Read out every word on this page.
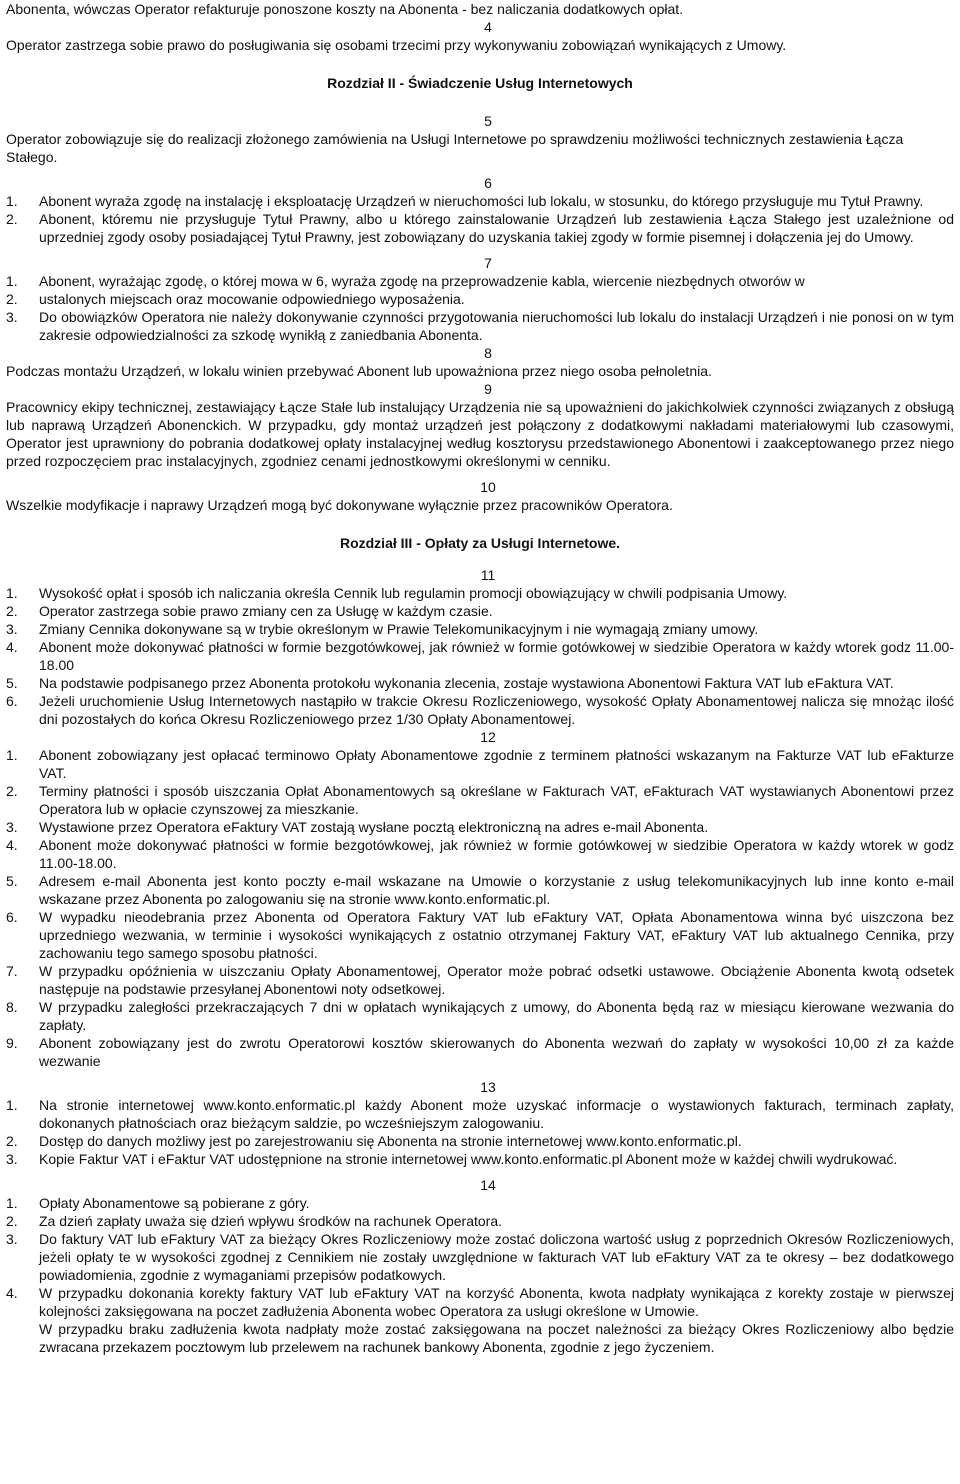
Abonenta, wówczas Operator refakturuje ponoszone koszty na Abonenta - bez naliczania dodatkowych opłat.

4

Operator zastrzega sobie prawo do posługiwania się osobami trzecimi przy wykonywaniu zobowiązań wynikających z Umowy.

Rozdział II - Świadczenie Usług Internetowych

5

Operator zobowiązuje się do realizacji złożonego zamówienia na Usługi Internetowe po sprawdzeniu możliwości technicznych zestawienia Łącza Stałego.

6

1.	Abonent wyraża zgodę na instalację i eksploatację Urządzeń w nieruchomości lub lokalu, w stosunku, do którego przysługuje mu Tytuł Prawny.
2.	Abonent, któremu nie przysługuje Tytuł Prawny, albo u którego zainstalowanie Urządzeń lub zestawienia Łącza Stałego jest uzależnione od uprzedniej zgody osoby posiadającej Tytuł Prawny, jest zobowiązany do uzyskania takiej zgody w formie pisemnej i dołączenia jej do Umowy.

7

1.	Abonent, wyrażając zgodę, o której mowa w 6, wyraża zgodę na przeprowadzenie kabla, wiercenie niezbędnych otworów w
2.	ustalonych miejscach oraz mocowanie odpowiedniego wyposażenia.
3.	Do obowiązków Operatora nie należy dokonywanie czynności przygotowania nieruchomości lub lokalu do instalacji Urządzeń i nie ponosi on w tym zakresie odpowiedzialności za szkodę wynikłą z zaniedbania Abonenta.

8

Podczas montażu Urządzeń, w lokalu winien przebywać Abonent lub upoważniona przez niego osoba pełnoletnia.

9

Pracownicy ekipy technicznej, zestawiający Łącze Stałe lub instalujący Urządzenia nie są upoważnieni do jakichkolwiek czynności związanych z obsługą lub naprawą Urządzeń Abonenckich. W przypadku, gdy montaż urządzeń jest połączony z dodatkowymi nakładami materiałowymi lub czasowymi, Operator jest uprawniony do pobrania dodatkowej opłaty instalacyjnej według kosztorysu przedstawionego Abonentowi i zaakceptowanego przez niego przed rozpoczęciem prac instalacyjnych, zgodniez cenami jednostkowymi określonymi w cenniku.

10

Wszelkie modyfikacje i naprawy Urządzeń mogą być dokonywane wyłącznie przez pracowników Operatora.

Rozdział III - Opłaty za Usługi Internetowe.

11

1.	Wysokość opłat i sposób ich naliczania określa Cennik lub regulamin promocji obowiązujący w chwili podpisania Umowy.
2.	Operator zastrzega sobie prawo zmiany cen za Usługę w każdym czasie.
3.	Zmiany Cennika dokonywane są w trybie określonym w Prawie Telekomunikacyjnym i nie wymagają zmiany umowy.
4.	Abonent może dokonywać płatności w formie bezgotówkowej, jak również w formie gotówkowej w siedzibie Operatora w każdy wtorek godz 11.00-18.00
5.	Na podstawie podpisanego przez Abonenta protokołu wykonania zlecenia, zostaje wystawiona Abonentowi Faktura VAT lub eFaktura VAT.
6.	Jeżeli uruchomienie Usług Internetowych nastąpiło w trakcie Okresu Rozliczeniowego, wysokość Opłaty Abonamentowej nalicza się mnożąc ilość dni pozostałych do końca Okresu Rozliczeniowego przez 1/30 Opłaty Abonamentowej.

12

1.	Abonent zobowiązany jest opłacać terminowo Opłaty Abonamentowe zgodnie z terminem płatności wskazanym na Fakturze VAT lub eFakturze VAT.
2.	Terminy płatności i sposób uiszczania Opłat Abonamentowych są określane w Fakturach VAT, eFakturach VAT wystawianych Abonentowi przez Operatora lub w opłacie czynszowej za mieszkanie.
3.	Wystawione przez Operatora eFaktury VAT zostają wysłane pocztą elektroniczną na adres e-mail Abonenta.
4.	Abonent może dokonywać płatności w formie bezgotówkowej, jak również w formie gotówkowej w siedzibie Operatora w każdy wtorek w godz 11.00-18.00.
5.	Adresem e-mail Abonenta jest konto poczty e-mail wskazane na Umowie o korzystanie z usług telekomunikacyjnych lub inne konto e-mail wskazane przez Abonenta po zalogowaniu się na stronie www.konto.enformatic.pl.
6.	W wypadku nieodebrania przez Abonenta od Operatora Faktury VAT lub eFaktury VAT, Opłata Abonamentowa winna być uiszczona bez uprzedniego wezwania, w terminie i wysokości wynikających z ostatnio otrzymanej Faktury VAT, eFaktury VAT lub aktualnego Cennika, przy zachowaniu tego samego sposobu płatności.
7.	W przypadku opóźnienia w uiszczaniu Opłaty Abonamentowej, Operator może pobrać odsetki ustawowe. Obciążenie Abonenta kwotą odsetek następuje na podstawie przesyłanej Abonentowi noty odsetkowej.
8.	W przypadku zaległości przekraczających 7 dni w opłatach wynikających z umowy, do Abonenta będą raz w miesiącu kierowane wezwania do zapłaty.
9.	Abonent zobowiązany jest do zwrotu Operatorowi kosztów skierowanych do Abonenta wezwań do zapłaty w wysokości 10,00 zł za każde wezwanie

13

1.	Na stronie internetowej www.konto.enformatic.pl każdy Abonent może uzyskać informacje o wystawionych fakturach, terminach zapłaty, dokonanych płatnościach oraz bieżącym saldzie, po wcześniejszym zalogowaniu.
2.	Dostęp do danych możliwy jest po zarejestrowaniu się Abonenta na stronie internetowej www.konto.enformatic.pl.
3.	Kopie Faktur VAT i eFaktur VAT udostępnione na stronie internetowej www.konto.enformatic.pl Abonent może w każdej chwili wydrukować.

14

1.	Opłaty Abonamentowe są pobierane z góry.
2.	Za dzień zapłaty uważa się dzień wpływu środków na rachunek Operatora.
3.	Do faktury VAT lub eFaktury VAT za bieżący Okres Rozliczeniowy może zostać doliczona wartość usług z poprzednich Okresów Rozliczeniowych, jeżeli opłaty te w wysokości zgodnej z Cennikiem nie zostały uwzględnione w fakturach VAT lub eFaktury VAT za te okresy – bez dodatkowego powiadomienia, zgodnie z wymaganiami przepisów podatkowych.
4.	W przypadku dokonania korekty faktury VAT lub eFaktury VAT na korzyść Abonenta, kwota nadpłaty wynikająca z korekty zostaje w pierwszej kolejności zaksięgowana na poczet zadłużenia Abonenta wobec Operatora za usługi określone w Umowie.

W przypadku braku zadłużenia kwota nadpłaty może zostać zaksięgowana na poczet należności za bieżący Okres Rozliczeniowy albo będzie zwracana przekazem pocztowym lub przelewem na rachunek bankowy Abonenta, zgodnie z jego życzeniem.
